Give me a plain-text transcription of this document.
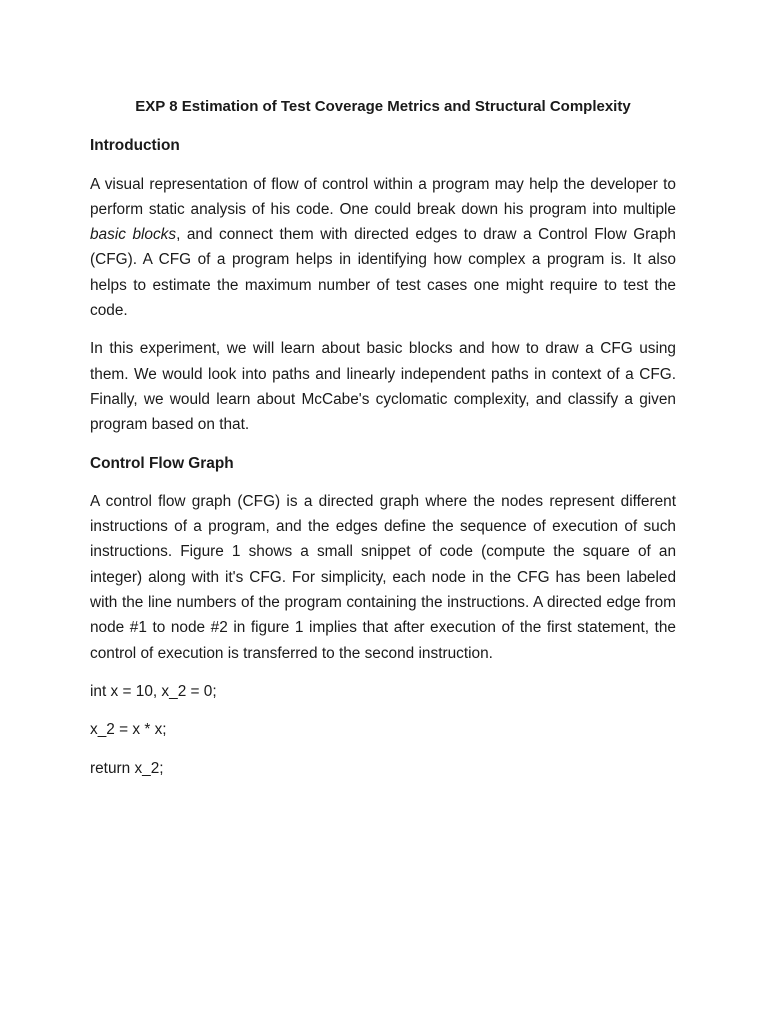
EXP 8 Estimation of Test Coverage Metrics and Structural Complexity
Introduction

A visual representation of flow of control within a program may help the developer to perform static analysis of his code. One could break down his program into multiple basic blocks, and connect them with directed edges to draw a Control Flow Graph (CFG). A CFG of a program helps in identifying how complex a program is. It also helps to estimate the maximum number of test cases one might require to test the code.

In this experiment, we will learn about basic blocks and how to draw a CFG using them. We would look into paths and linearly independent paths in context of a CFG. Finally, we would learn about McCabe's cyclomatic complexity, and classify a given program based on that.

Control Flow Graph

A control flow graph (CFG) is a directed graph where the nodes represent different instructions of a program, and the edges define the sequence of execution of such instructions. Figure 1 shows a small snippet of code (compute the square of an integer) along with it's CFG. For simplicity, each node in the CFG has been labeled with the line numbers of the program containing the instructions. A directed edge from node #1 to node #2 in figure 1 implies that after execution of the first statement, the control of execution is transferred to the second instruction.

int x = 10, x_2 = 0;
x_2 = x * x;
return x_2;
